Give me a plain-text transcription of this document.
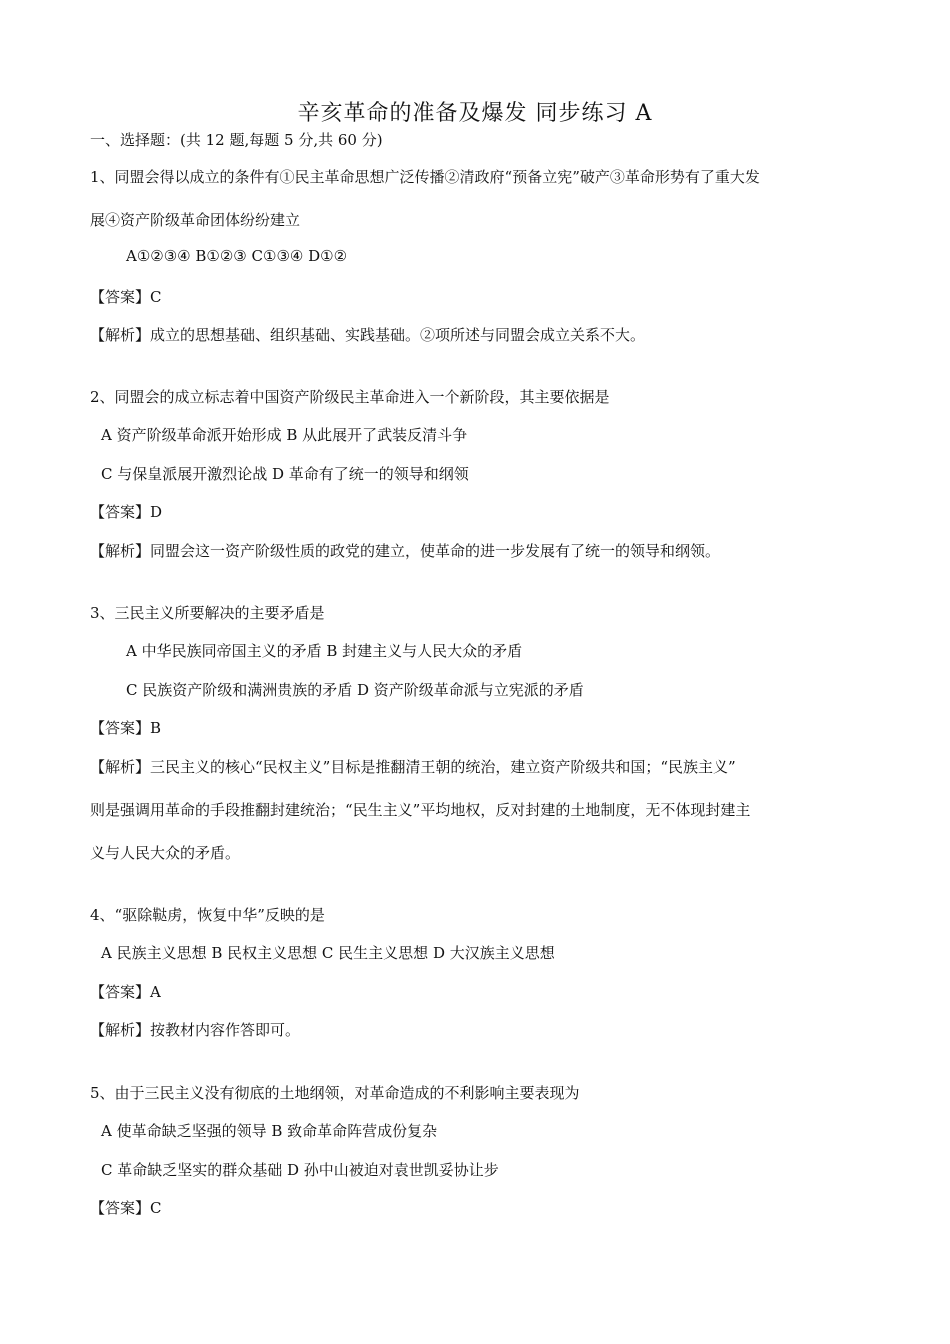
辛亥革命的准备及爆发 同步练习 A
一、选择题：(共 12 题,每题 5 分,共 60 分)
1、同盟会得以成立的条件有①民主革命思想广泛传播②清政府“预备立宪”破产③革命形势有了重大发
展④资产阶级革命团体纷纷建立
A①②③④ B①②③ C①③④ D①②
【答案】C
【解析】成立的思想基础、组织基础、实践基础。②项所述与同盟会成立关系不大。
2、同盟会的成立标志着中国资产阶级民主革命进入一个新阶段，其主要依据是
A 资产阶级革命派开始形成 B 从此展开了武装反清斗争
C 与保皇派展开激烈论战 D 革命有了统一的领导和纲领
【答案】D
【解析】同盟会这一资产阶级性质的政党的建立，使革命的进一步发展有了统一的领导和纲领。
3、三民主义所要解决的主要矛盾是
A 中华民族同帝国主义的矛盾 B 封建主义与人民大众的矛盾
C 民族资产阶级和满洲贵族的矛盾 D 资产阶级革命派与立宪派的矛盾
【答案】B
【解析】三民主义的核心“民权主义”目标是推翻清王朝的统治，建立资产阶级共和国；“民族主义”
则是强调用革命的手段推翻封建统治；“民生主义”平均地权，反对封建的土地制度，无不体现封建主
义与人民大众的矛盾。
4、“驱除鞑虏，恢复中华”反映的是
A 民族主义思想 B 民权主义思想 C 民生主义思想 D 大汉族主义思想
【答案】A
【解析】按教材内容作答即可。
5、由于三民主义没有彻底的土地纲领，对革命造成的不利影响主要表现为
A 使革命缺乏坚强的领导 B 致命革命阵营成份复杂
C 革命缺乏坚实的群众基础 D 孙中山被迫对袁世凯妥协让步
【答案】C
